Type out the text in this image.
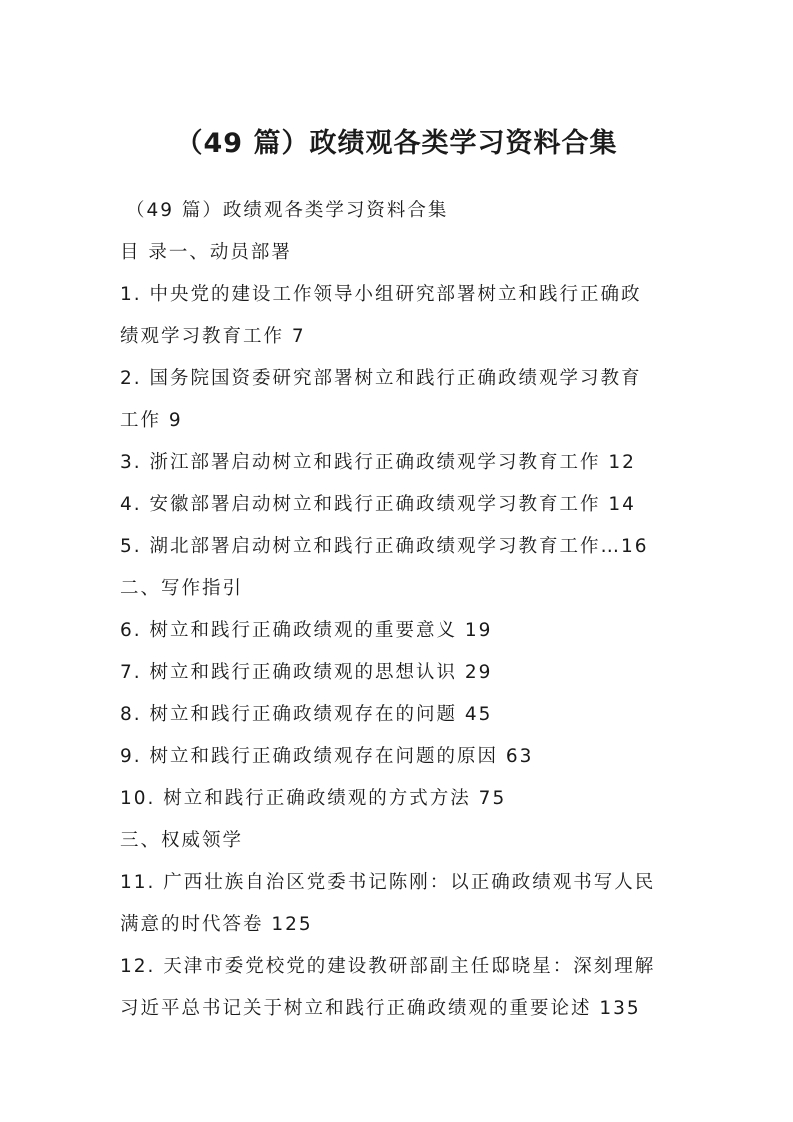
（49 篇）政绩观各类学习资料合集
（49 篇）政绩观各类学习资料合集
目 录一、动员部署
1. 中央党的建设工作领导小组研究部署树立和践行正确政
绩观学习教育工作 7
2. 国务院国资委研究部署树立和践行正确政绩观学习教育
工作 9
3. 浙江部署启动树立和践行正确政绩观学习教育工作 12
4. 安徽部署启动树立和践行正确政绩观学习教育工作 14
5. 湖北部署启动树立和践行正确政绩观学习教育工作…16
二、写作指引
6. 树立和践行正确政绩观的重要意义 19
7. 树立和践行正确政绩观的思想认识 29
8. 树立和践行正确政绩观存在的问题 45
9. 树立和践行正确政绩观存在问题的原因 63
10. 树立和践行正确政绩观的方式方法 75
三、权威领学
11. 广西壮族自治区党委书记陈刚：以正确政绩观书写人民
满意的时代答卷 125
12. 天津市委党校党的建设教研部副主任邸晓星：深刻理解
习近平总书记关于树立和践行正确政绩观的重要论述 135
